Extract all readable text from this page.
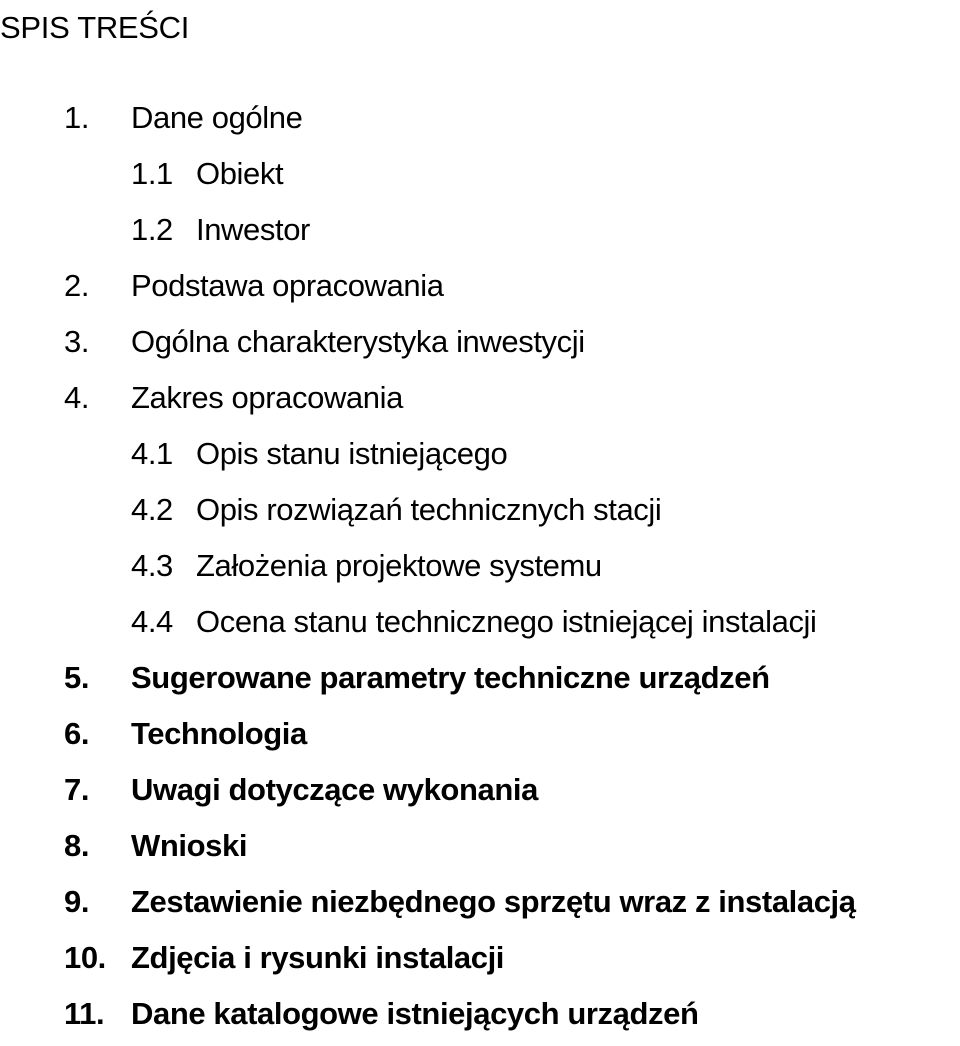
SPIS TREŚCI
1. Dane ogólne
1.1 Obiekt
1.2 Inwestor
2. Podstawa opracowania
3. Ogólna charakterystyka inwestycji
4. Zakres opracowania
4.1 Opis stanu istniejącego
4.2 Opis rozwiązań technicznych stacji
4.3 Założenia projektowe systemu
4.4 Ocena stanu technicznego istniejącej instalacji
5. Sugerowane parametry techniczne urządzeń
6. Technologia
7. Uwagi dotyczące wykonania
8. Wnioski
9. Zestawienie niezbędnego sprzętu wraz z instalacją
10. Zdjęcia i rysunki instalacji
11. Dane katalogowe istniejących urządzeń
